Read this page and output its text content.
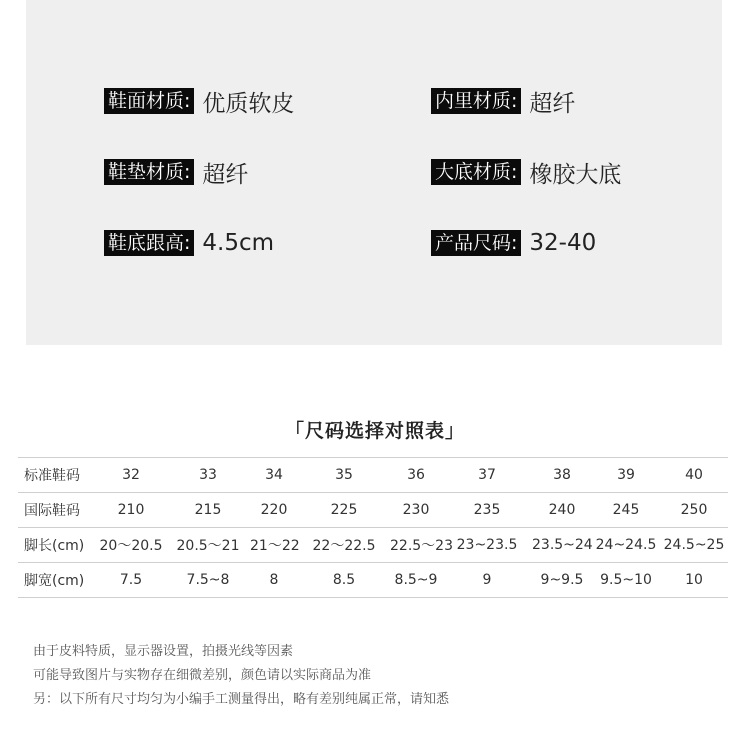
鞋面材质: 优质软皮	内里材质: 超纤
鞋垫材质: 超纤	大底材质: 橡胶大底
鞋底跟高: 4.5cm	产品尺码: 32-40
「尺码选择对照表」
标准鞋码	32	33	34	35	36	37	38	39	40
国际鞋码	210	215	220	225	230	235	240	245	250
脚长(cm)	20～20.5	20.5～21	21～22	22～22.5	22.5～23	23~23.5	23.5~24	24~24.5	24.5~25
脚宽(cm)	7.5	7.5~8	8	8.5	8.5~9	9	9~9.5	9.5~10	10
由于皮料特质，显示器设置，拍摄光线等因素
可能导致图片与实物存在细微差别，颜色请以实际商品为准
另：以下所有尺寸均匀为小编手工测量得出，略有差别纯属正常，请知悉
